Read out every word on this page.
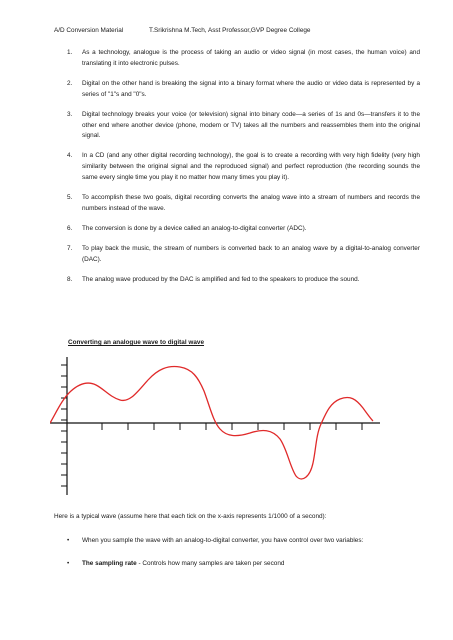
A/D Conversion Material	T.Srikrishna M.Tech, Asst Professor,GVP Degree College
1. As a technology, analogue is the process of taking an audio or video signal (in most cases, the human voice) and translating it into electronic pulses.
2. Digital on the other hand is breaking the signal into a binary format where the audio or video data is represented by a series of "1"s and "0"s.
3. Digital technology breaks your voice (or television) signal into binary code—a series of 1s and 0s—transfers it to the other end where another device (phone, modem or TV) takes all the numbers and reassembles them into the original signal.
4. In a CD (and any other digital recording technology), the goal is to create a recording with very high fidelity (very high similarity between the original signal and the reproduced signal) and perfect reproduction (the recording sounds the same every single time you play it no matter how many times you play it).
5. To accomplish these two goals, digital recording converts the analog wave into a stream of numbers and records the numbers instead of the wave.
6. The conversion is done by a device called an analog-to-digital converter (ADC).
7. To play back the music, the stream of numbers is converted back to an analog wave by a digital-to-analog converter (DAC).
8. The analog wave produced by the DAC is amplified and fed to the speakers to produce the sound.
Converting an analogue wave to digital wave
Here is a typical wave (assume here that each tick on the x-axis represents 1/1000 of a second):
• When you sample the wave with an analog-to-digital converter, you have control over two variables:
• The sampling rate - Controls how many samples are taken per second
